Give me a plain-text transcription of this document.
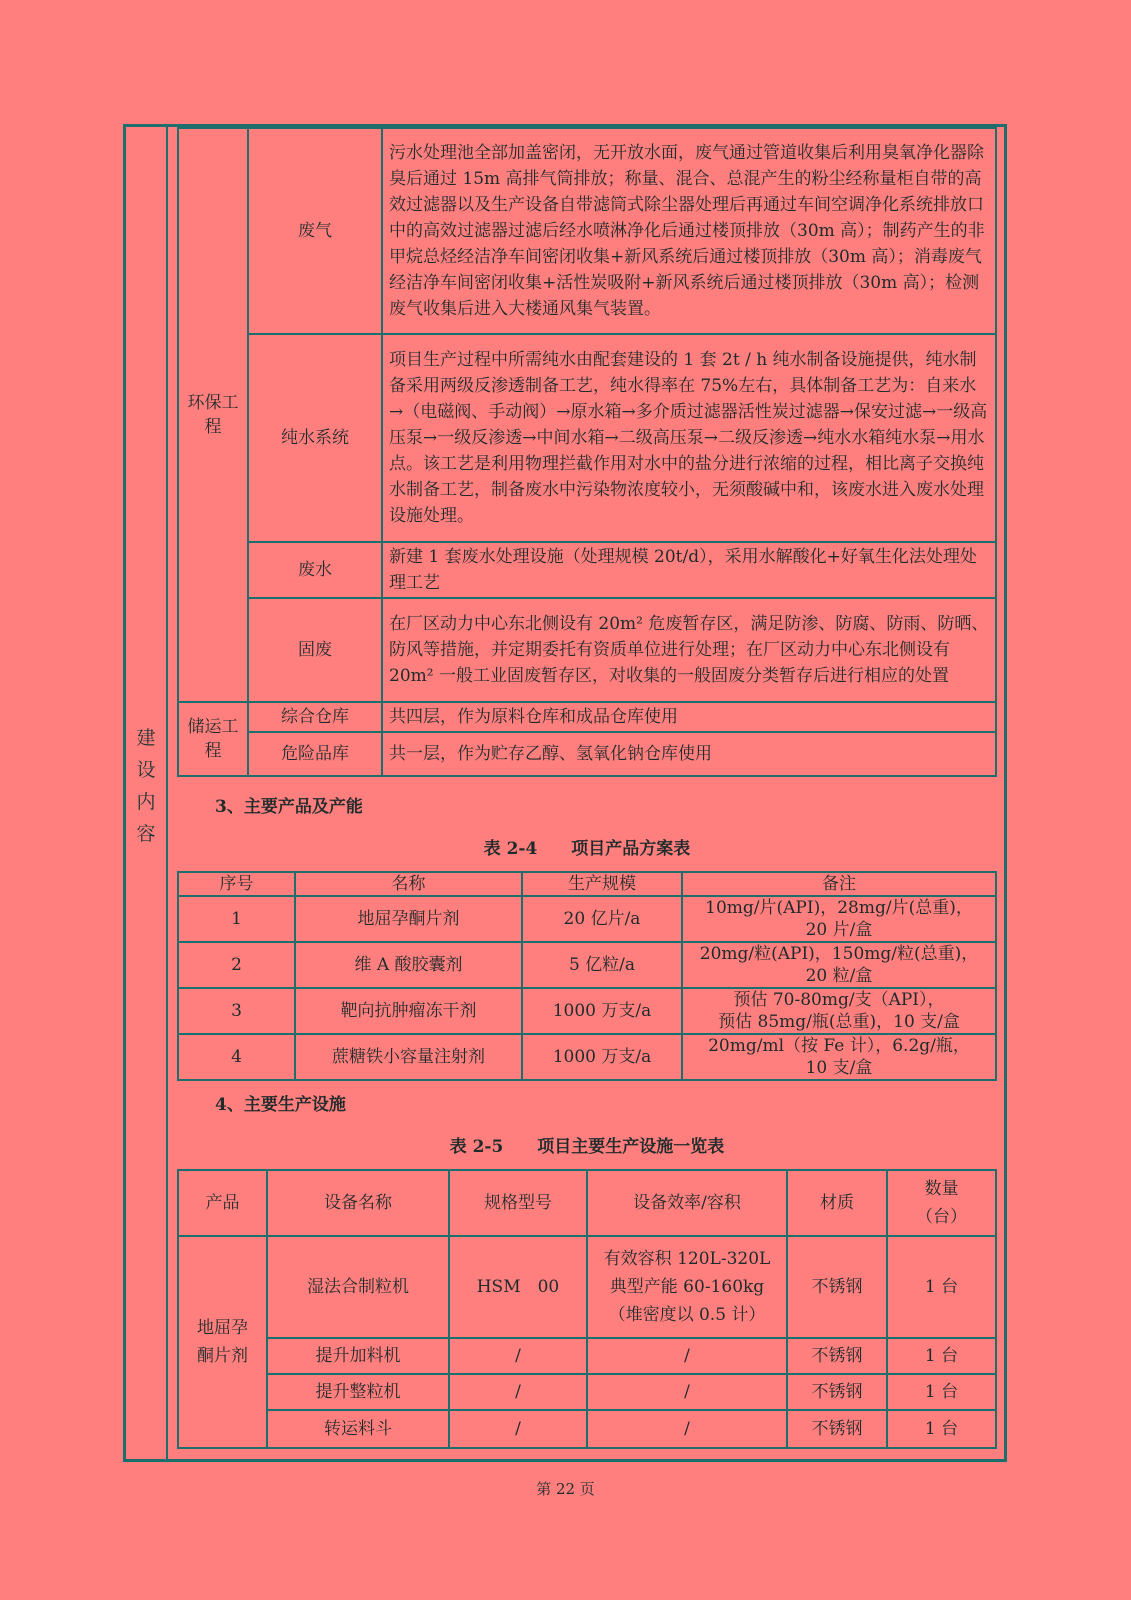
建
设
内
容
环保工程	废气	污水处理池全部加盖密闭，无开放水面，废气通过管道收集后利用臭氧净化器除臭后通过 15m 高排气筒排放；称量、混合、总混产生的粉尘经称量柜自带的高效过滤器以及生产设备自带滤筒式除尘器处理后再通过车间空调净化系统排放口中的高效过滤器过滤后经水喷淋净化后通过楼顶排放（30m 高）；制药产生的非甲烷总烃经洁净车间密闭收集+新风系统后通过楼顶排放（30m 高）；消毒废气经洁净车间密闭收集+活性炭吸附+新风系统后通过楼顶排放（30m 高）；检测废气收集后进入大楼通风集气装置。
	纯水系统	项目生产过程中所需纯水由配套建设的 1 套 2t / h 纯水制备设施提供，纯水制备采用两级反渗透制备工艺，纯水得率在 75%左右，具体制备工艺为：自来水→（电磁阀、手动阀）→原水箱→多介质过滤器活性炭过滤器→保安过滤→一级高压泵→一级反渗透→中间水箱→二级高压泵→二级反渗透→纯水水箱纯水泵→用水点。该工艺是利用物理拦截作用对水中的盐分进行浓缩的过程，相比离子交换纯水制备工艺，制备废水中污染物浓度较小，无须酸碱中和，该废水进入废水处理设施处理。
	废水	新建 1 套废水处理设施（处理规模 20t/d），采用水解酸化+好氧生化法处理处理工艺
	固废	在厂区动力中心东北侧设有 20m² 危废暂存区，满足防渗、防腐、防雨、防晒、防风等措施，并定期委托有资质单位进行处理；在厂区动力中心东北侧设有 20m² 一般工业固废暂存区，对收集的一般固废分类暂存后进行相应的处置
储运工程	综合仓库	共四层，作为原料仓库和成品仓库使用
	危险品库	共一层，作为贮存乙醇、氢氧化钠仓库使用
3、主要产品及产能
表 2-4　　项目产品方案表
序号	名称	生产规模	备注
1	地屈孕酮片剂	20 亿片/a	10mg/片(API)，28mg/片(总重)，
20 片/盒

2	维 A 酸胶囊剂	5 亿粒/a	20mg/粒(API)，150mg/粒(总重)，
20 粒/盒

3	靶向抗肿瘤冻干剂	1000 万支/a	预估 70-80mg/支（API），
预估 85mg/瓶(总重)，10 支/盒

4	蔗糖铁小容量注射剂	1000 万支/a	20mg/ml（按 Fe 计），6.2g/瓶，
10 支/盒
4、主要生产设施
表 2-5　　项目主要生产设施一览表
产品	设备名称	规格型号	设备效率/容积	材质	数量
（台）

地屈孕酮片剂	湿法合制粒机	HSM　00	有效容积 120L-320L
典型产能 60-160kg
（堆密度以 0.5 计）	不锈钢	1 台
	提升加料机	/	/	不锈钢	1 台
	提升整粒机	/	/	不锈钢	1 台
	转运料斗	/	/	不锈钢	1 台
第 22 页
